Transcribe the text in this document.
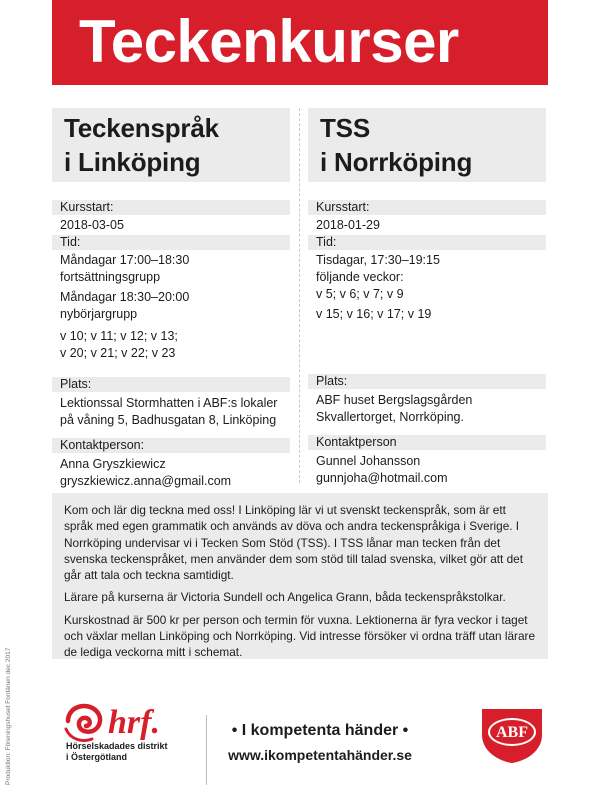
Teckenkurser
Teckenspråk
i Linköping
Kursstart:
2018-03-05
Tid:
Måndagar 17:00–18:30
fortsättningsgrupp
Måndagar 18:30–20:00
nybörjargrupp
v 10; v 11; v 12; v 13;
v 20; v 21; v 22; v 23
Plats:
Lektionssal Stormhatten i ABF:s lokaler
på våning 5, Badhusgatan 8, Linköping
Kontaktperson:
Anna Gryszkiewicz
gryszkiewicz.anna@gmail.com
TSS
i Norrköping
Kursstart:
2018-01-29
Tid:
Tisdagar, 17:30–19:15
följande veckor:
v 5; v 6; v 7; v 9
v 15; v 16; v 17; v 19
Plats:
ABF huset Bergslagsgården
Skvallertorget, Norrköping.
Kontaktperson
Gunnel Johansson
gunnjoha@hotmail.com

Kom och lär dig teckna med oss! I Linköping lär vi ut svenskt teckenspråk, som är ett språk med egen grammatik och används av döva och andra teckenspråkiga i Sverige. I Norrköping undervisar vi i Tecken Som Stöd (TSS). I TSS lånar man tecken från det svenska teckenspråket, men använder dem som stöd till talad svenska, vilket gör att det går att tala och teckna samtidigt.

Lärare på kurserna är Victoria Sundell och Angelica Grann, båda teckenspråkstolkar.

Kurskostnad är 500 kr per person och termin för vuxna. Lektionerna är fyra veckor i taget och växlar mellan Linköping och Norrköping. Vid intresse försöker vi ordna träff utan lärare de lediga veckorna mitt i schemat.

hrf.
Hörselskadades distrikt
i Östergötland
• I kompetenta händer •
www.ikompetentahänder.se
ABF
Produktion: Föreningshuset Fontänen dec 2017
